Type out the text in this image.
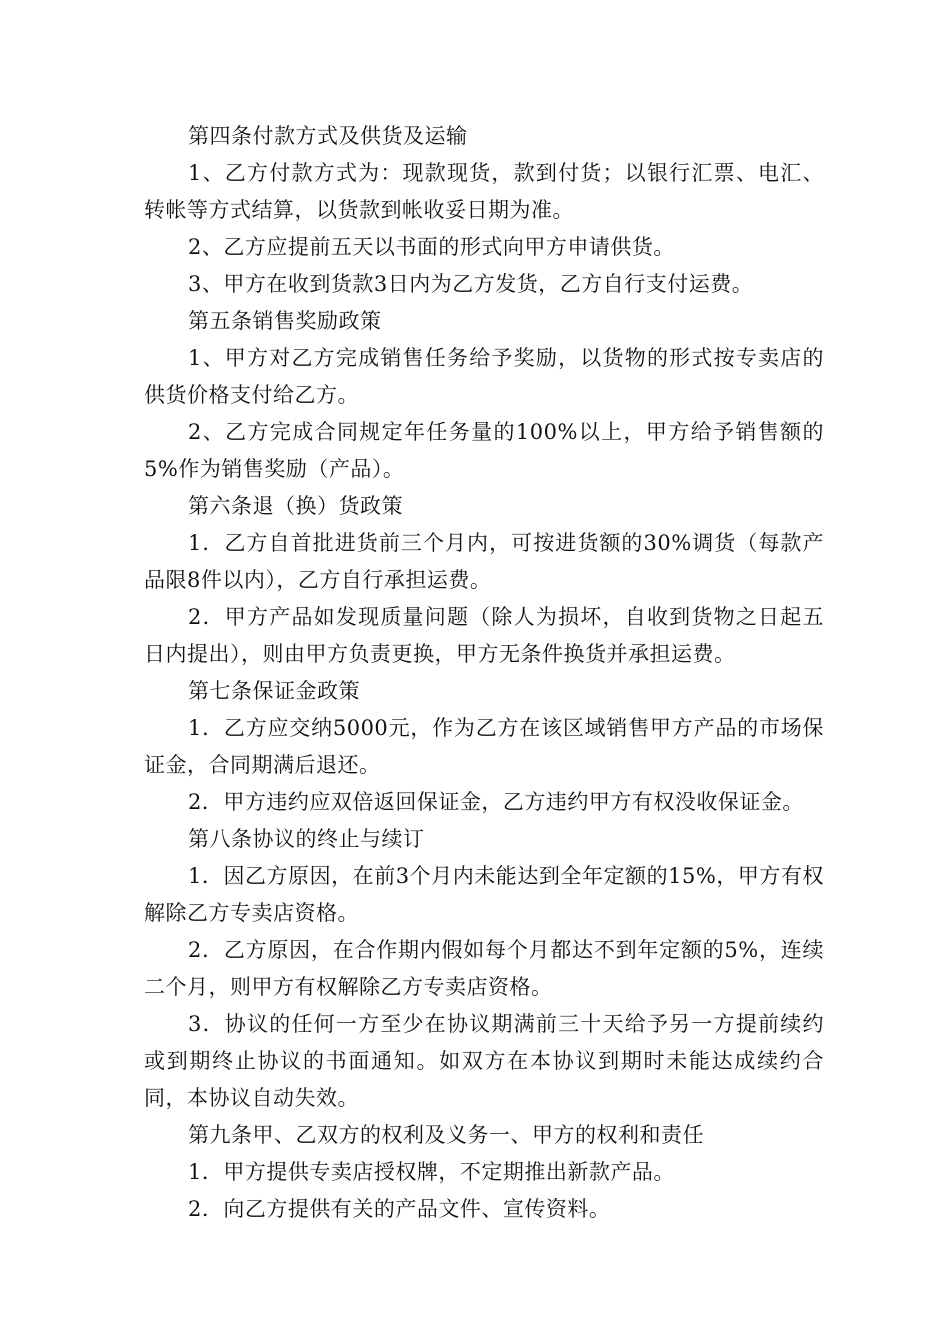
第四条付款方式及供货及运输

1、乙方付款方式为：现款现货，款到付货；以银行汇票、电汇、转帐等方式结算，以货款到帐收妥日期为准。

2、乙方应提前五天以书面的形式向甲方申请供货。

3、甲方在收到货款3日内为乙方发货，乙方自行支付运费。

第五条销售奖励政策

1、甲方对乙方完成销售任务给予奖励，以货物的形式按专卖店的供货价格支付给乙方。

2、乙方完成合同规定年任务量的100%以上，甲方给予销售额的5%作为销售奖励（产品）。

第六条退（换）货政策

1．乙方自首批进货前三个月内，可按进货额的30%调货（每款产品限8件以内），乙方自行承担运费。

2．甲方产品如发现质量问题（除人为损坏，自收到货物之日起五日内提出），则由甲方负责更换，甲方无条件换货并承担运费。

第七条保证金政策

1．乙方应交纳5000元，作为乙方在该区域销售甲方产品的市场保证金，合同期满后退还。

2．甲方违约应双倍返回保证金，乙方违约甲方有权没收保证金。

第八条协议的终止与续订

1．因乙方原因，在前3个月内未能达到全年定额的15%，甲方有权解除乙方专卖店资格。

2．乙方原因，在合作期内假如每个月都达不到年定额的5%，连续二个月，则甲方有权解除乙方专卖店资格。

3．协议的任何一方至少在协议期满前三十天给予另一方提前续约或到期终止协议的书面通知。如双方在本协议到期时未能达成续约合同，本协议自动失效。

第九条甲、乙双方的权利及义务一、甲方的权利和责任

1．甲方提供专卖店授权牌，不定期推出新款产品。

2．向乙方提供有关的产品文件、宣传资料。
